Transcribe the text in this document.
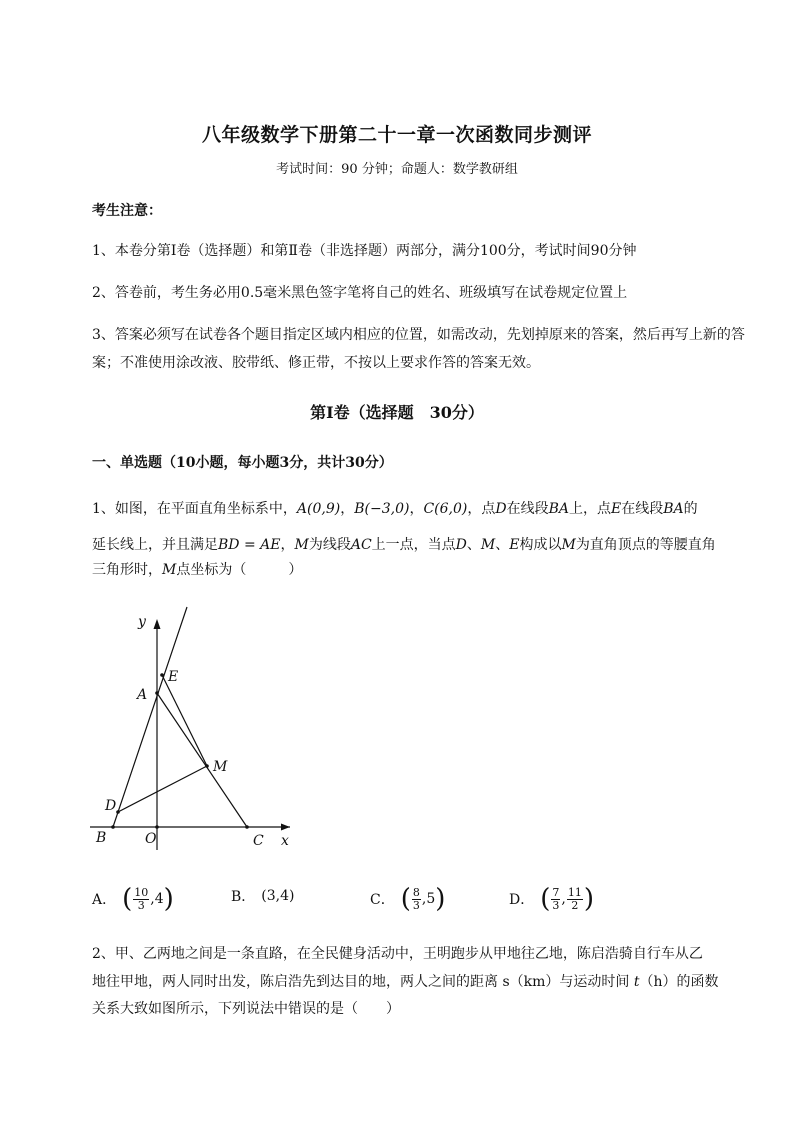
八年级数学下册第二十一章一次函数同步测评
考试时间：90 分钟；命题人：数学教研组
考生注意：
1、本卷分第Ⅰ卷（选择题）和第Ⅱ卷（非选择题）两部分，满分100分，考试时间90分钟
2、答卷前，考生务必用0.5毫米黑色签字笔将自己的姓名、班级填写在试卷规定位置上
3、答案必须写在试卷各个题目指定区域内相应的位置，如需改动，先划掉原来的答案，然后再写上新的答案；不准使用涂改液、胶带纸、修正带，不按以上要求作答的答案无效。
第Ⅰ卷（选择题　30分）
一、单选题（10小题，每小题3分，共计30分）
1、如图，在平面直角坐标系中，A(0,9)，B(−3,0)，C(6,0)，点D在线段BA上，点E在线段BA的
延长线上，并且满足BD = AE，M为线段AC上一点，当点D、M、E构成以M为直角顶点的等腰直角
三角形时，M点坐标为（　　　）
y
x
A
E
M
D
B	O	C
A． ( $\frac{10}{3} ,4$ )	B． (3,4)	C． ( $\frac{8}{3} ,5$ )	D． ( $\frac{7}{3}$ , $\frac{11}{2}$ )
2、甲、乙两地之间是一条直路，在全民健身活动中，王明跑步从甲地往乙地，陈启浩骑自行车从乙
地往甲地，两人同时出发，陈启浩先到达目的地，两人之间的距离 s（km）与运动时间 t（h）的函数
关系大致如图所示，下列说法中错误的是（　　）
